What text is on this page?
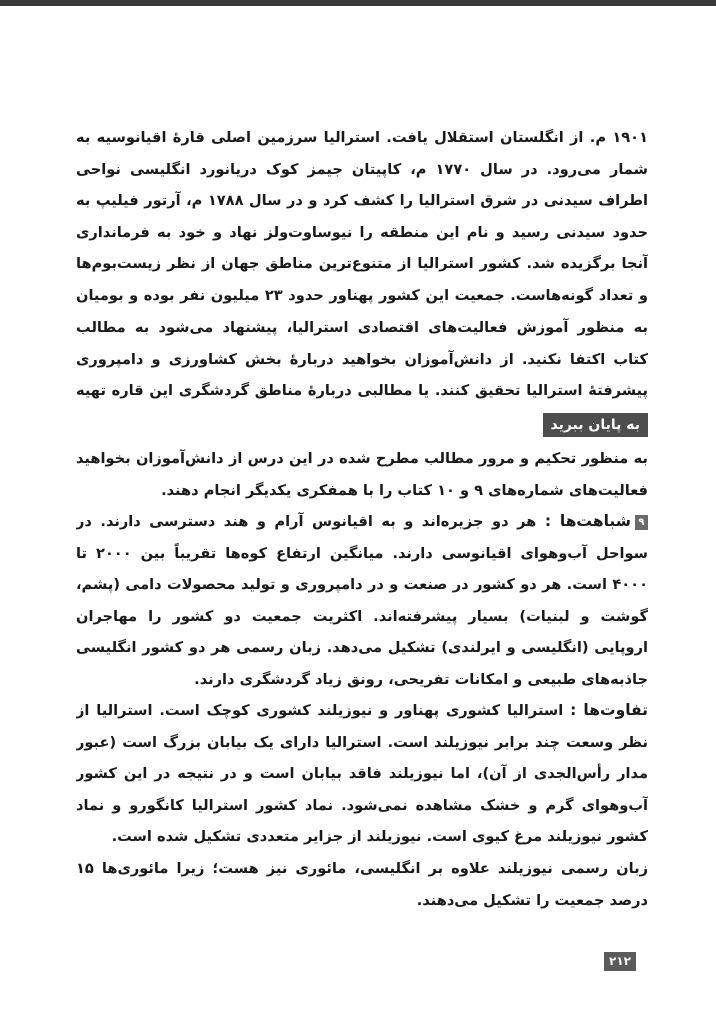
۱۹۰۱ م. از انگلستان استقلال یافت. استرالیا سرزمین اصلی قارهٔ اقیانوسیه به شمار می‌رود. در سال ۱۷۷۰ م، کاپیتان جیمز کوک دریانورد انگلیسی نواحی اطراف سیدنی در شرق استرالیا را کشف کرد و در سال ۱۷۸۸ م، آرتور فیلیپ به حدود سیدنی رسید و نام این منطقه را نیوساوت‌ولز نهاد و خود به فرمانداری آنجا برگزیده شد. کشور استرالیا از متنوع‌ترین مناطق جهان از نظر زیست‌بوم‌ها و تعداد گونه‌هاست. جمعیت این کشور پهناور حدود ۲۳ میلیون نفر بوده و بومیان

به منظور آموزش فعالیت‌های اقتصادی استرالیا، پیشنهاد می‌شود به مطالب کتاب اکتفا نکنید. از دانش‌آموزان بخواهید دربارهٔ بخش کشاورزی و دامپروری پیشرفتهٔ استرالیا تحقیق کنند. یا مطالبی دربارهٔ مناطق گردشگری این قاره تهیه

به پایان ببرید

به منظور تحکیم و مرور مطالب مطرح شده در این درس از دانش‌آموزان بخواهید فعالیت‌های شماره‌های ۹ و ۱۰ کتاب را با همفکری یکدیگر انجام دهند.

۹شباهت‌ها : هر دو جزیره‌اند و به اقیانوس آرام و هند دسترسی دارند. در سواحل آب‌وهوای اقیانوسی دارند. میانگین ارتفاع کوه‌ها تقریباً بین ۲۰۰۰ تا ۴۰۰۰ است. هر دو کشور در صنعت و در دامپروری و تولید محصولات دامی (پشم، گوشت و لبنیات) بسیار پیشرفته‌اند. اکثریت جمعیت دو کشور را مهاجران اروپایی (انگلیسی و ایرلندی) تشکیل می‌دهد. زبان رسمی هر دو کشور انگلیسی

جاذبه‌های طبیعی و امکانات تفریحی، رونق زیاد گردشگری دارند.

تفاوت‌ها : استرالیا کشوری پهناور و نیوزیلند کشوری کوچک است. استرالیا از نظر وسعت چند برابر نیوزیلند است. استرالیا دارای یک بیابان بزرگ است (عبور مدار رأس‌الجدی از آن)، اما نیوزیلند فاقد بیابان است و در نتیجه در این کشور آب‌وهوای گرم و خشک مشاهده نمی‌شود. نماد کشور استرالیا کانگورو و نماد کشور نیوزیلند مرغ کیوی است. نیوزیلند از جزایر متعددی تشکیل شده است.

زبان رسمی نیوزیلند علاوه بر انگلیسی، مائوری نیز هست؛ زیرا مائوری‌ها ۱۵ درصد جمعیت را تشکیل می‌دهند.

۲۱۲
